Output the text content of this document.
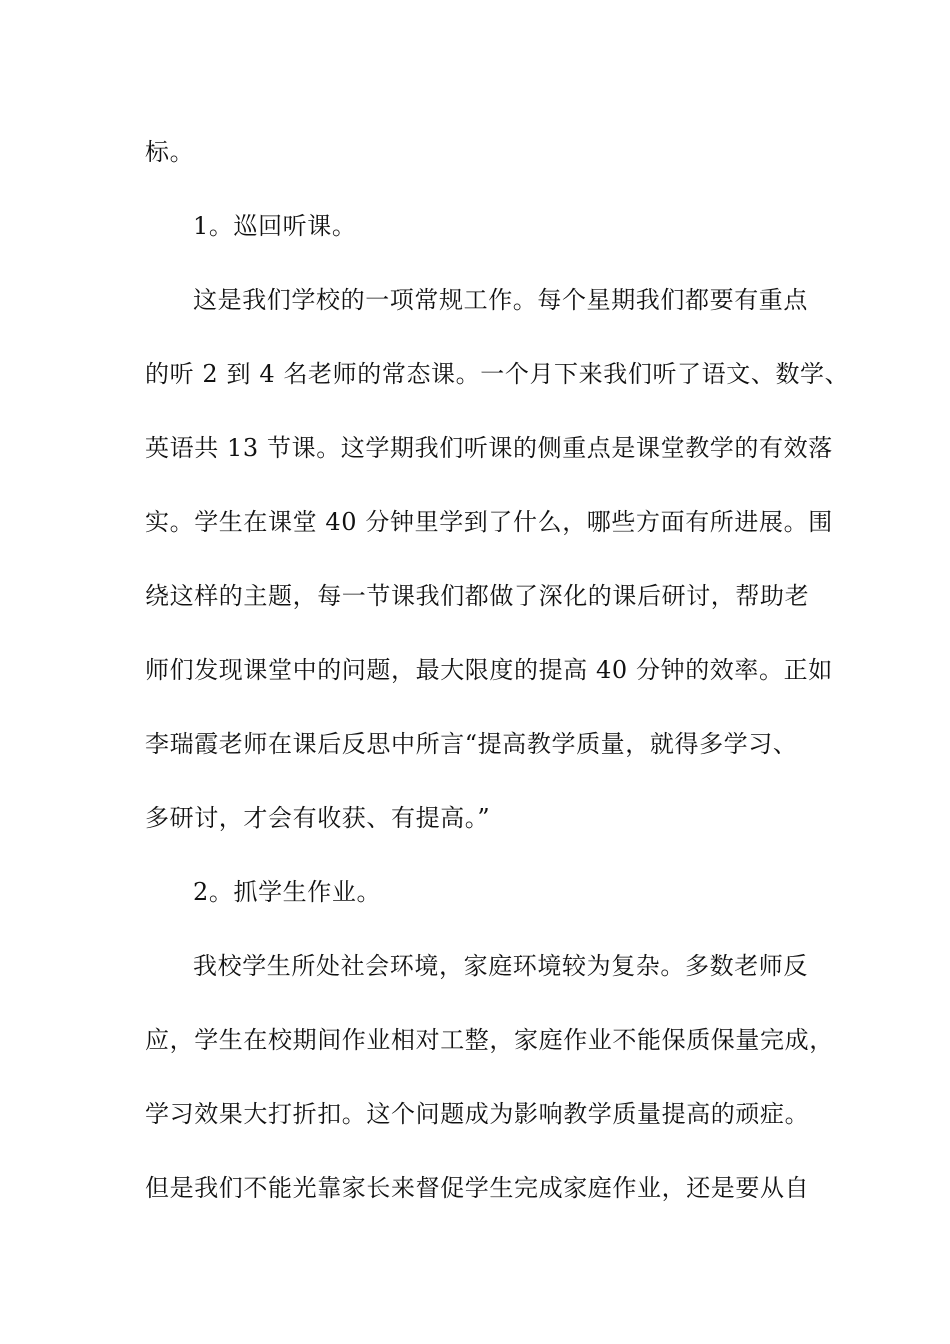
标。
1。巡回听课。
这是我们学校的一项常规工作。每个星期我们都要有重点
的听 2 到 4 名老师的常态课。一个月下来我们听了语文、数学、
英语共 13 节课。这学期我们听课的侧重点是课堂教学的有效落
实。学生在课堂 40 分钟里学到了什么，哪些方面有所进展。围
绕这样的主题，每一节课我们都做了深化的课后研讨，帮助老
师们发现课堂中的问题，最大限度的提高 40 分钟的效率。正如
李瑞霞老师在课后反思中所言“提高教学质量，就得多学习、
多研讨，才会有收获、有提高。”
2。抓学生作业。
我校学生所处社会环境，家庭环境较为复杂。多数老师反
应，学生在校期间作业相对工整，家庭作业不能保质保量完成，
学习效果大打折扣。这个问题成为影响教学质量提高的顽症。
但是我们不能光靠家长来督促学生完成家庭作业，还是要从自
